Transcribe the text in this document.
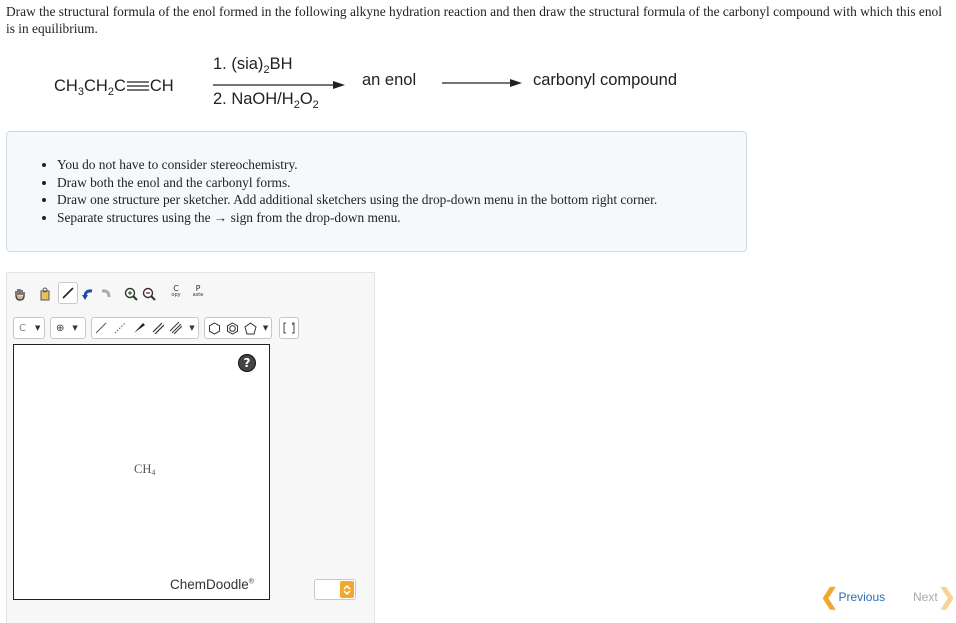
Draw the structural formula of the enol formed in the following alkyne hydration reaction and then draw the structural formula of the carbonyl compound with which this enol is in equilibrium.
$CH_3CH_2C$ CH
1. $(sia)_2BH$
2. NaOH/$H_2O_2$
an enol	carbonyl compound
• You do not have to consider stereochemistry.
• Draw both the enol and the carbonyl forms.
• Draw one structure per sketcher. Add additional sketchers using the drop-down menu in the bottom right corner.
• Separate structures using the → sign from the drop-down menu.
C
opy
P
aste
C ▼ ⊕ ▼	▼	▼	*
?
$CH_4$
ChemDoodle®
❮ Previous Next ❯
